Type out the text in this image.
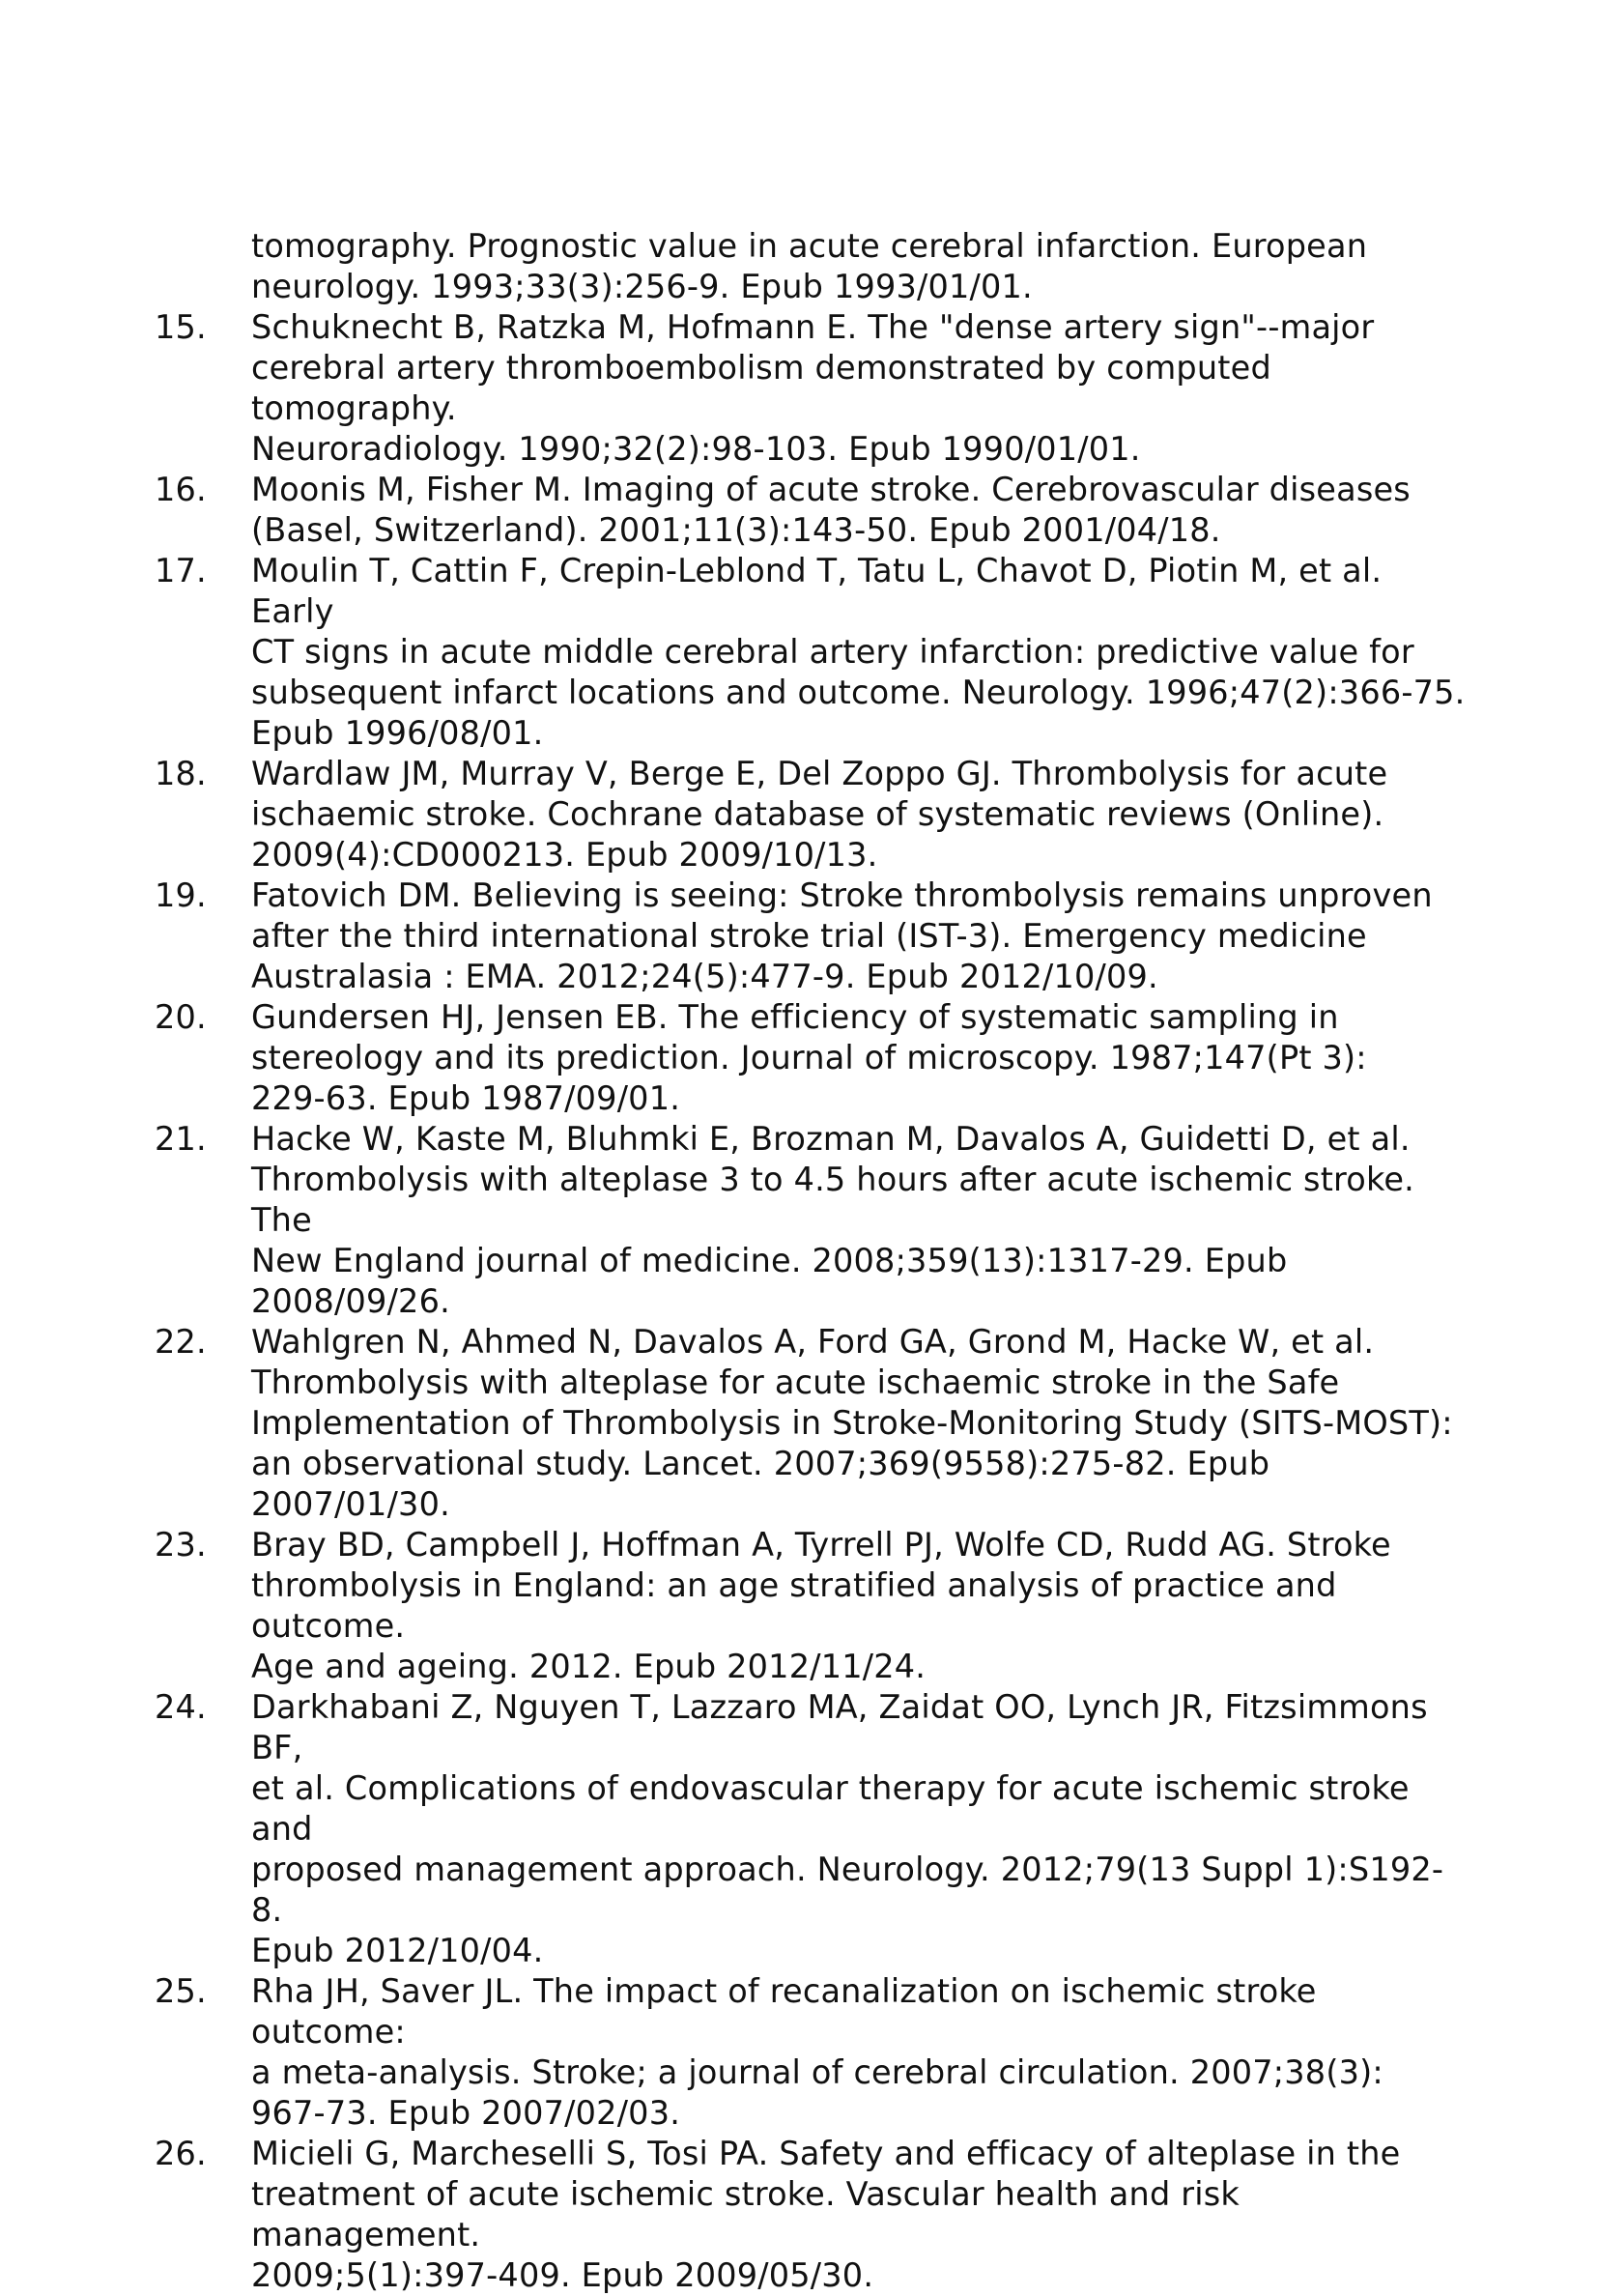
tomography. Prognostic value in acute cerebral infarction. European
neurology. 1993;33(3):256-9. Epub 1993/01/01.
15.	Schuknecht B, Ratzka M, Hofmann E. The "dense artery sign"--major
cerebral artery thromboembolism demonstrated by computed tomography.
Neuroradiology. 1990;32(2):98-103. Epub 1990/01/01.
16.	Moonis M, Fisher M. Imaging of acute stroke. Cerebrovascular diseases
(Basel, Switzerland). 2001;11(3):143-50. Epub 2001/04/18.
17.	Moulin T, Cattin F, Crepin-Leblond T, Tatu L, Chavot D, Piotin M, et al. Early
CT signs in acute middle cerebral artery infarction: predictive value for
subsequent infarct locations and outcome. Neurology. 1996;47(2):366-75.
Epub 1996/08/01.
18.	Wardlaw JM, Murray V, Berge E, Del Zoppo GJ. Thrombolysis for acute
ischaemic stroke. Cochrane database of systematic reviews (Online).
2009(4):CD000213. Epub 2009/10/13.
19.	Fatovich DM. Believing is seeing: Stroke thrombolysis remains unproven
after the third international stroke trial (IST-3). Emergency medicine
Australasia : EMA. 2012;24(5):477-9. Epub 2012/10/09.
20.	Gundersen HJ, Jensen EB. The efficiency of systematic sampling in
stereology and its prediction. Journal of microscopy. 1987;147(Pt 3):
229-63. Epub 1987/09/01.
21.	Hacke W, Kaste M, Bluhmki E, Brozman M, Davalos A, Guidetti D, et al.
Thrombolysis with alteplase 3 to 4.5 hours after acute ischemic stroke. The
New England journal of medicine. 2008;359(13):1317-29. Epub
2008/09/26.
22.	Wahlgren N, Ahmed N, Davalos A, Ford GA, Grond M, Hacke W, et al.
Thrombolysis with alteplase for acute ischaemic stroke in the Safe
Implementation of Thrombolysis in Stroke-Monitoring Study (SITS-MOST):
an observational study. Lancet. 2007;369(9558):275-82. Epub
2007/01/30.
23.	Bray BD, Campbell J, Hoffman A, Tyrrell PJ, Wolfe CD, Rudd AG. Stroke
thrombolysis in England: an age stratified analysis of practice and outcome.
Age and ageing. 2012. Epub 2012/11/24.
24.	Darkhabani Z, Nguyen T, Lazzaro MA, Zaidat OO, Lynch JR, Fitzsimmons BF,
et al. Complications of endovascular therapy for acute ischemic stroke and
proposed management approach. Neurology. 2012;79(13 Suppl 1):S192-8.
Epub 2012/10/04.
25.	Rha JH, Saver JL. The impact of recanalization on ischemic stroke outcome:
a meta-analysis. Stroke; a journal of cerebral circulation. 2007;38(3):
967-73. Epub 2007/02/03.
26.	Micieli G, Marcheselli S, Tosi PA. Safety and efficacy of alteplase in the
treatment of acute ischemic stroke. Vascular health and risk management.
2009;5(1):397-409. Epub 2009/05/30.
